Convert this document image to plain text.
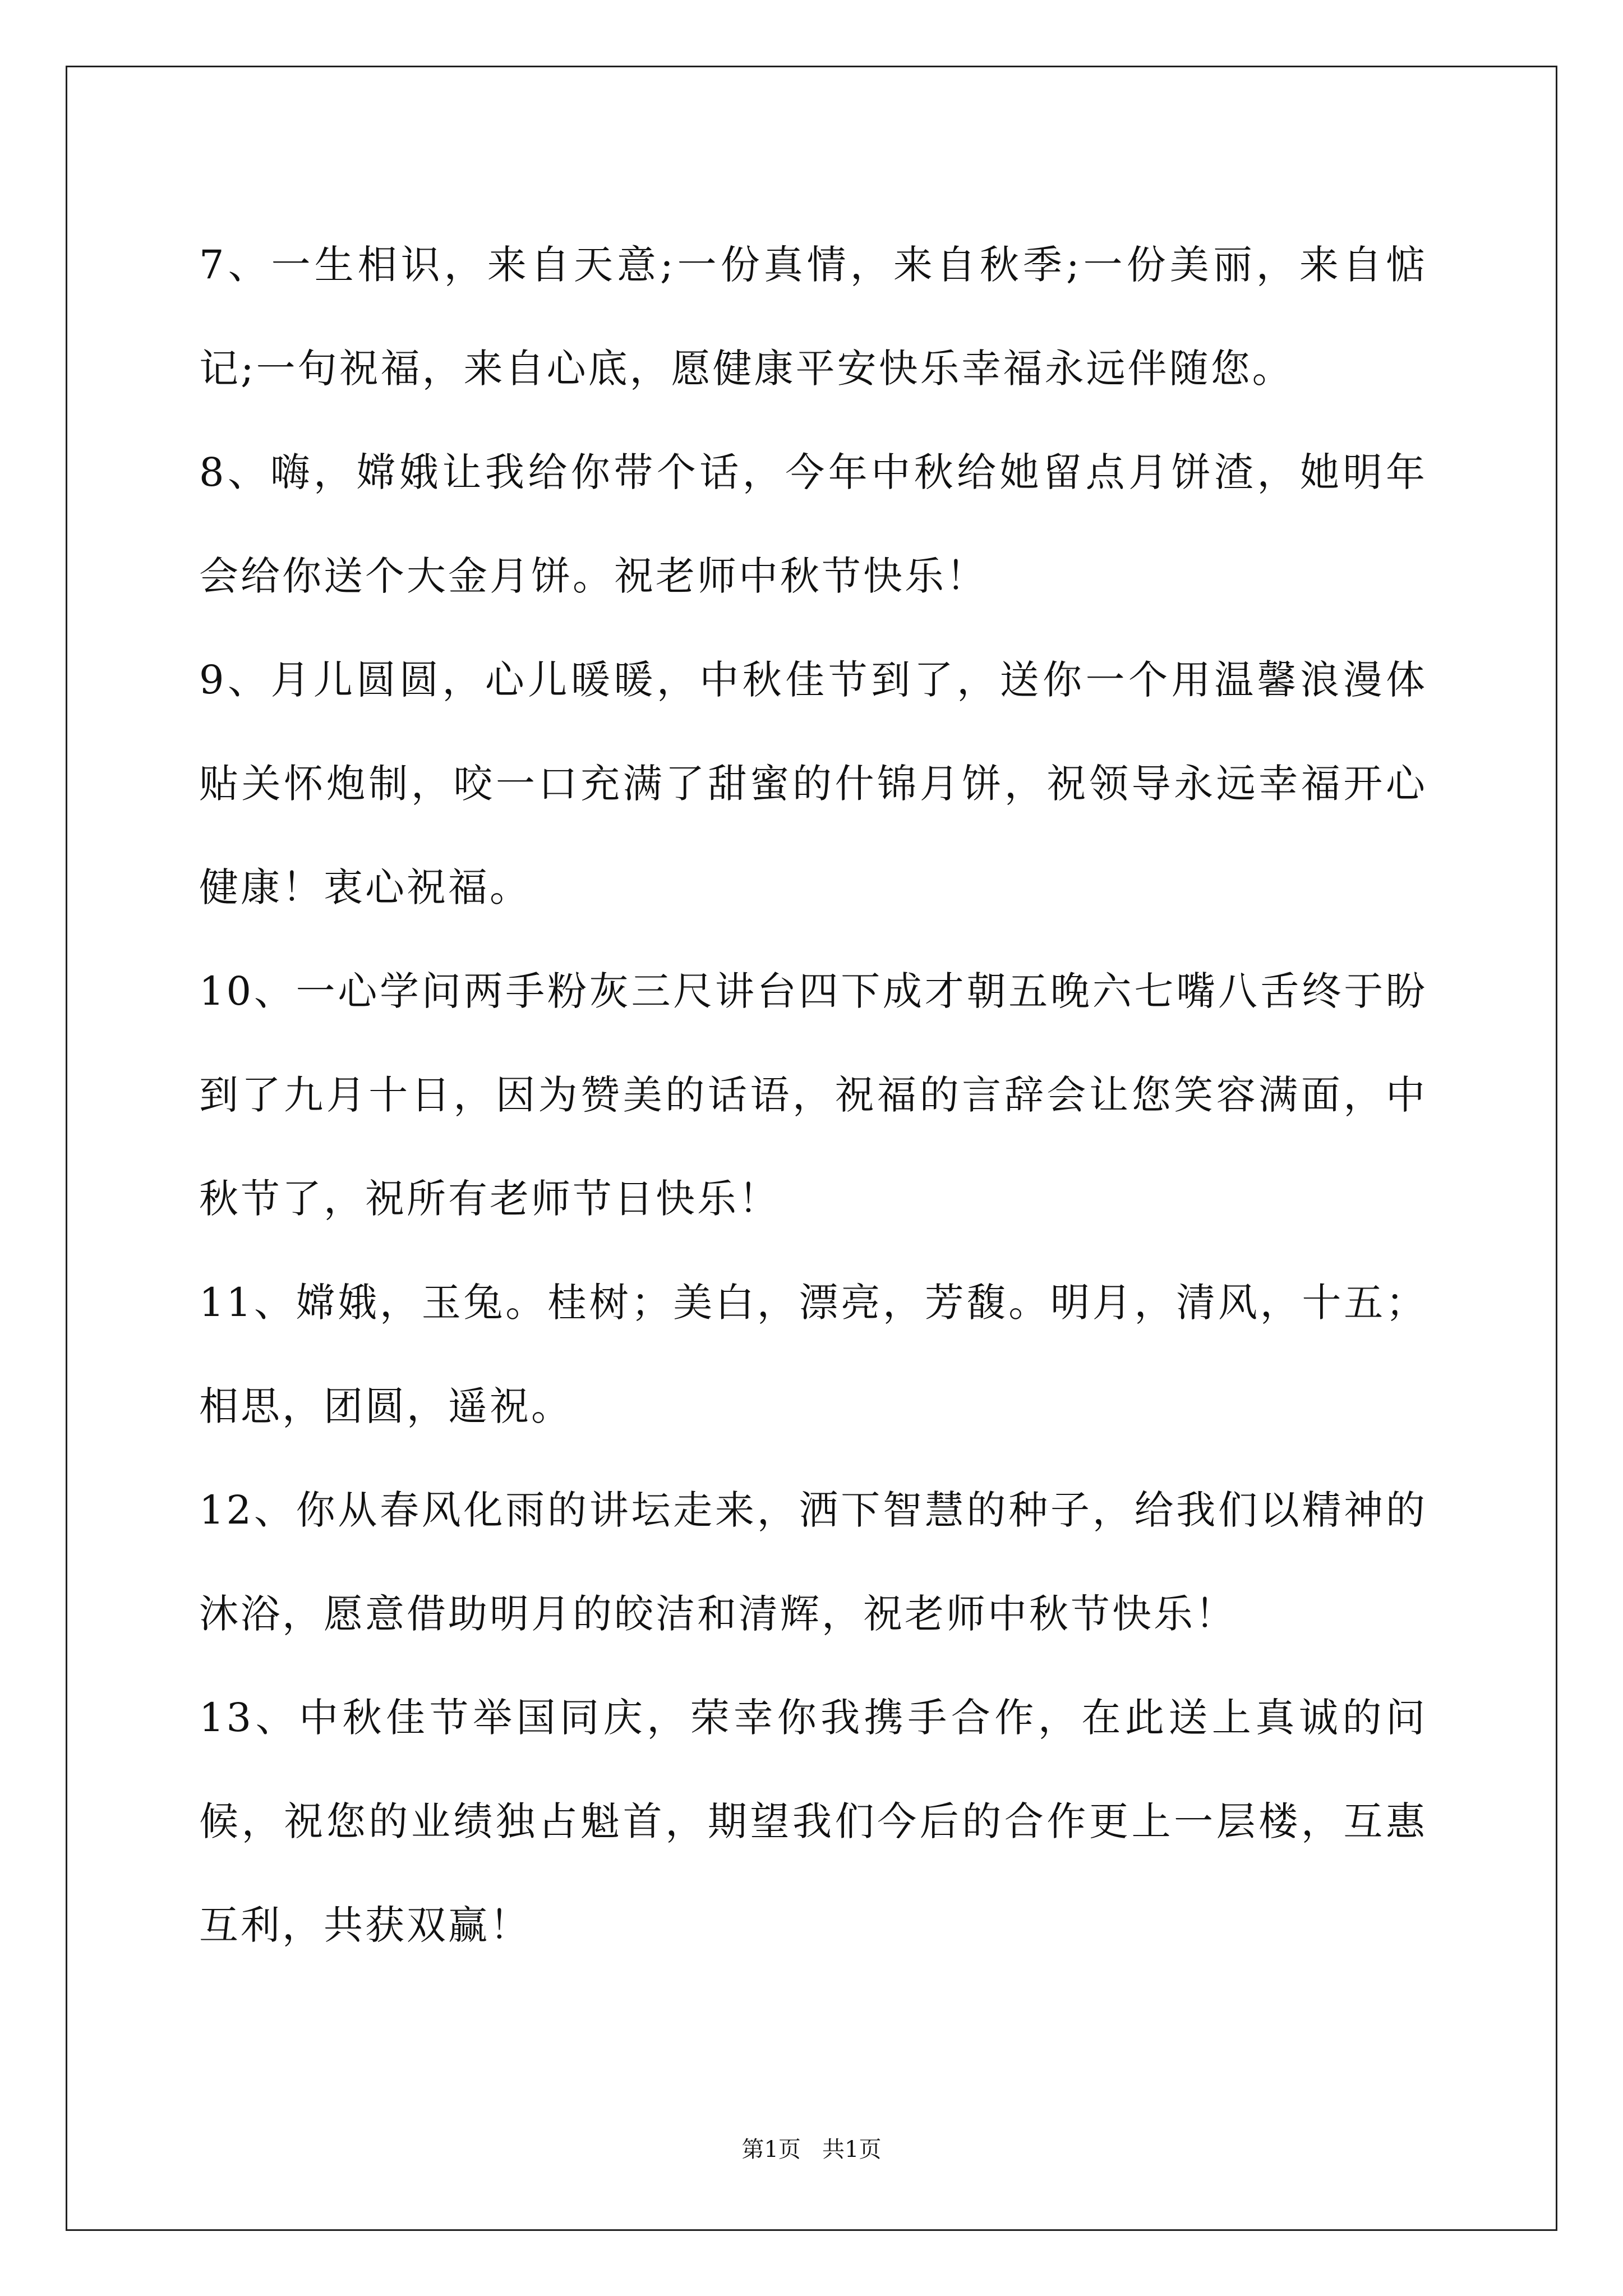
7、一生相识，来自天意;一份真情，来自秋季;一份美丽，来自惦记;一句祝福，来自心底，愿健康平安快乐幸福永远伴随您。

8、嗨，嫦娥让我给你带个话，今年中秋给她留点月饼渣，她明年会给你送个大金月饼。祝老师中秋节快乐！

9、月儿圆圆，心儿暖暖，中秋佳节到了，送你一个用温馨浪漫体贴关怀炮制，咬一口充满了甜蜜的什锦月饼，祝领导永远幸福开心健康！衷心祝福。

10、一心学问两手粉灰三尺讲台四下成才朝五晚六七嘴八舌终于盼到了九月十日，因为赞美的话语，祝福的言辞会让您笑容满面，中秋节了，祝所有老师节日快乐！

11、嫦娥，玉兔。桂树；美白，漂亮，芳馥。明月，清风，十五；相思，团圆，遥祝。

12、你从春风化雨的讲坛走来，洒下智慧的种子，给我们以精神的沐浴，愿意借助明月的皎洁和清辉，祝老师中秋节快乐！

13、中秋佳节举国同庆，荣幸你我携手合作，在此送上真诚的问候，祝您的业绩独占魁首，期望我们今后的合作更上一层楼，互惠互利，共获双赢！

第1页   共1页
